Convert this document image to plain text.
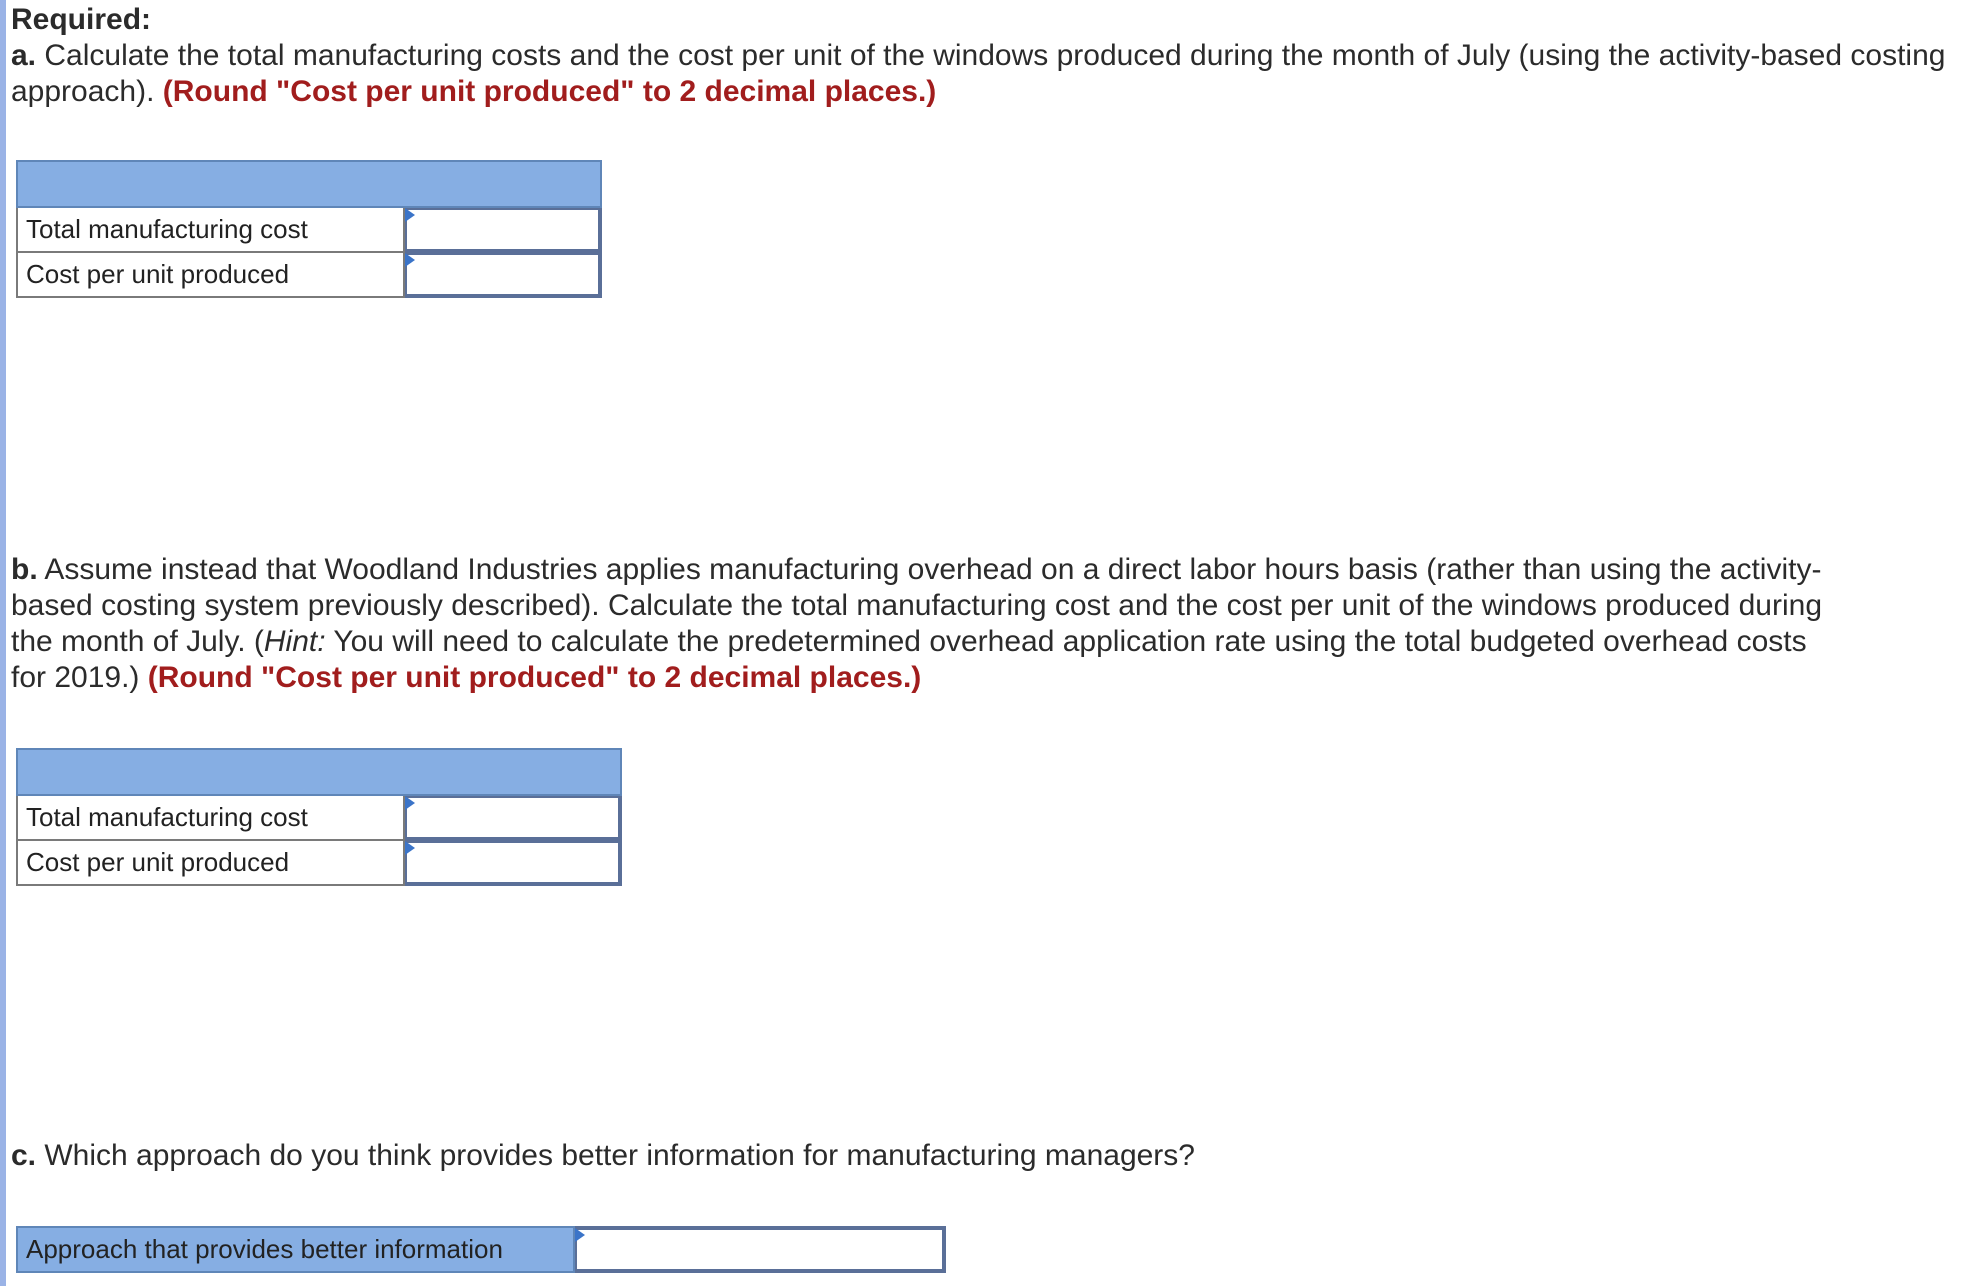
Required:
a. Calculate the total manufacturing costs and the cost per unit of the windows produced during the month of July (using the activity-based costing approach). (Round "Cost per unit produced" to 2 decimal places.)

Total manufacturing cost	

Cost per unit produced	
b. Assume instead that Woodland Industries applies manufacturing overhead on a direct labor hours basis (rather than using the activity-based costing system previously described). Calculate the total manufacturing cost and the cost per unit of the windows produced during the month of July. (Hint: You will need to calculate the predetermined overhead application rate using the total budgeted overhead costs for 2019.) (Round "Cost per unit produced" to 2 decimal places.)

Total manufacturing cost	

Cost per unit produced	
c. Which approach do you think provides better information for manufacturing managers?
Approach that provides better information	
